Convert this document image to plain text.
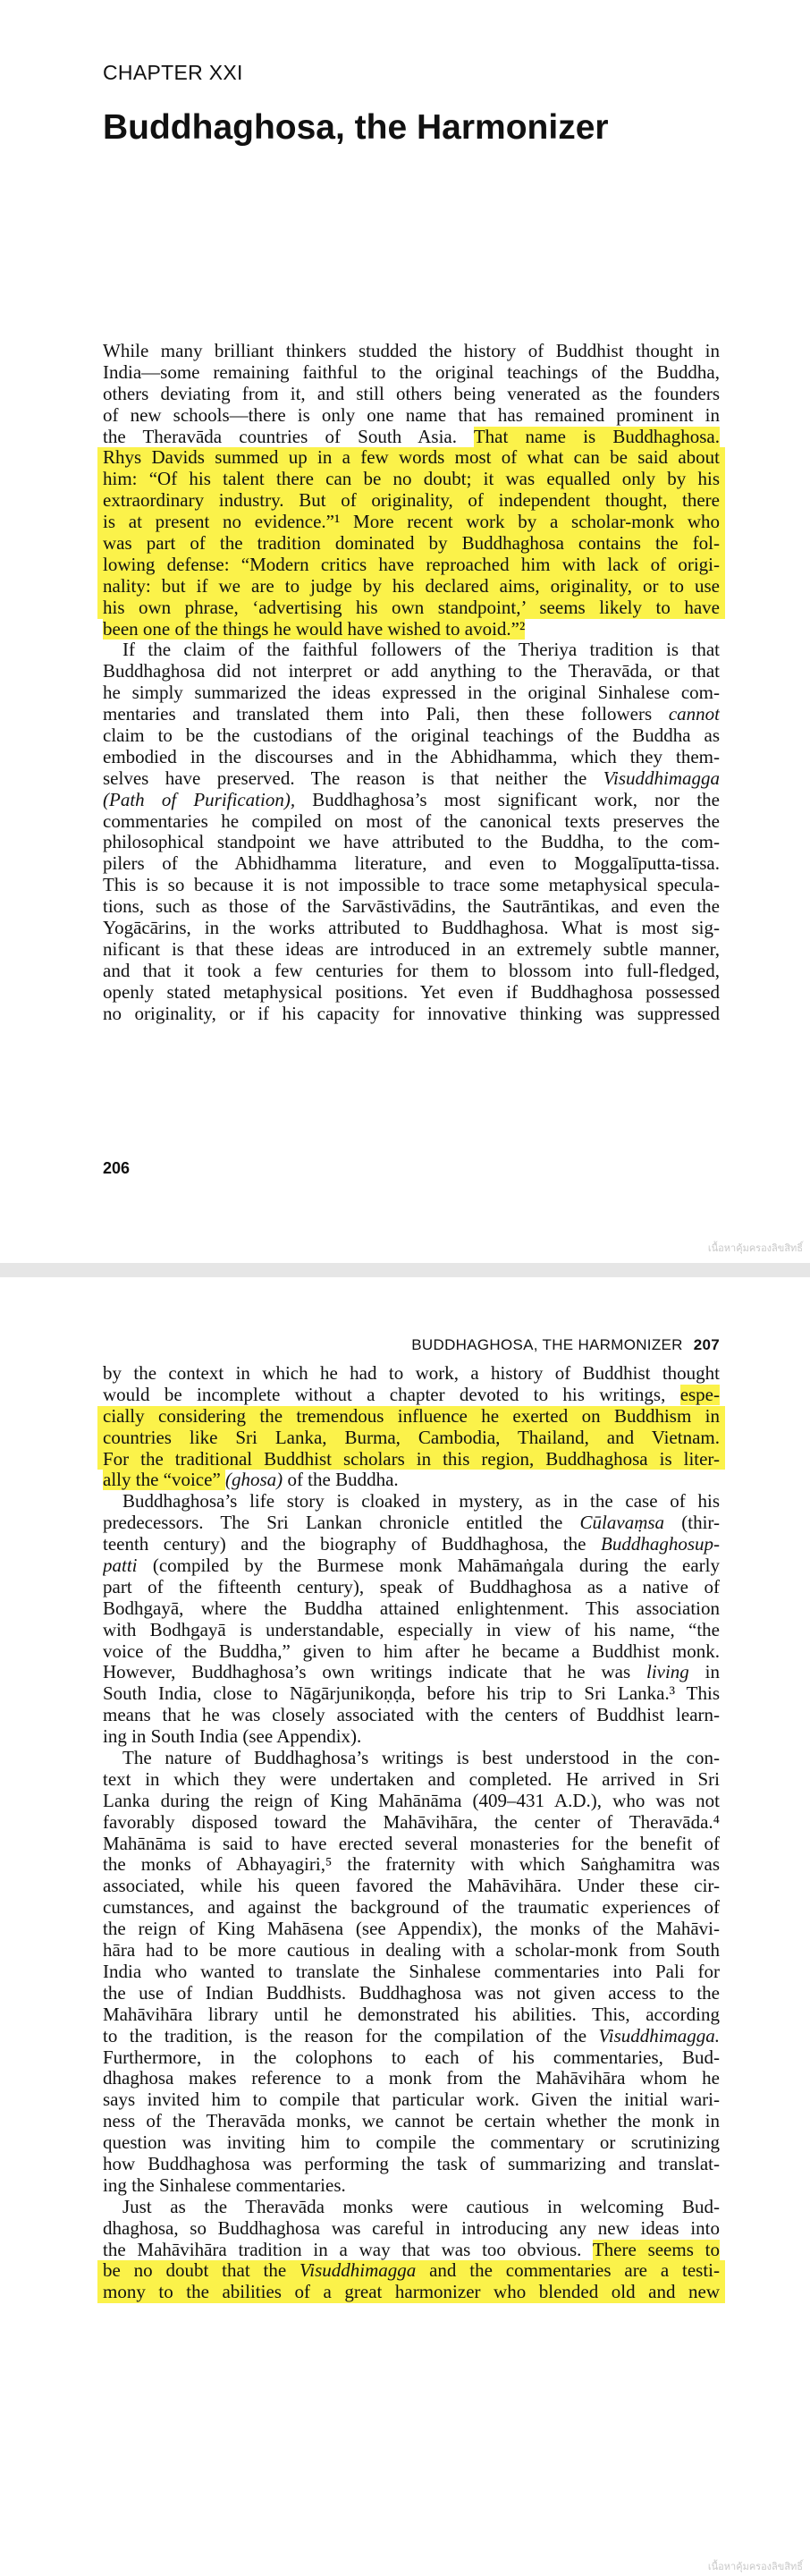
CHAPTER XXI
Buddhaghosa, the Harmonizer
While many brilliant thinkers studded the history of Buddhist thought in
India—some remaining faithful to the original teachings of the Buddha,
others deviating from it, and still others being venerated as the founders
of new schools—there is only one name that has remained prominent in
the Theravāda countries of South Asia. That name is Buddhaghosa.
Rhys Davids summed up in a few words most of what can be said about
him: “Of his talent there can be no doubt; it was equalled only by his
extraordinary industry. But of originality, of independent thought, there
is at present no evidence.”¹ More recent work by a scholar-monk who
was part of the tradition dominated by Buddhaghosa contains the fol-
lowing defense: “Modern critics have reproached him with lack of origi-
nality: but if we are to judge by his declared aims, originality, or to use
his own phrase, ‘advertising his own standpoint,’ seems likely to have
been one of the things he would have wished to avoid.”²
If the claim of the faithful followers of the Theriya tradition is that
Buddhaghosa did not interpret or add anything to the Theravāda, or that
he simply summarized the ideas expressed in the original Sinhalese com-
mentaries and translated them into Pali, then these followers cannot
claim to be the custodians of the original teachings of the Buddha as
embodied in the discourses and in the Abhidhamma, which they them-
selves have preserved. The reason is that neither the Visuddhimagga
(Path of Purification), Buddhaghosa’s most significant work, nor the
commentaries he compiled on most of the canonical texts preserves the
philosophical standpoint we have attributed to the Buddha, to the com-
pilers of the Abhidhamma literature, and even to Moggalīputta-tissa.
This is so because it is not impossible to trace some metaphysical specula-
tions, such as those of the Sarvāstivādins, the Sautrāntikas, and even the
Yogācārins, in the works attributed to Buddhaghosa. What is most sig-
nificant is that these ideas are introduced in an extremely subtle manner,
and that it took a few centuries for them to blossom into full-fledged,
openly stated metaphysical positions. Yet even if Buddhaghosa possessed
no originality, or if his capacity for innovative thinking was suppressed
206
เนื้อหาคุ้มครองลิขสิทธิ์
เนื้อหาคุ้มครองลิขสิทธิ์
BUDDHAGHOSA, THE HARMONIZER 207
by the context in which he had to work, a history of Buddhist thought
would be incomplete without a chapter devoted to his writings, espe-
cially considering the tremendous influence he exerted on Buddhism in
countries like Sri Lanka, Burma, Cambodia, Thailand, and Vietnam.
For the traditional Buddhist scholars in this region, Buddhaghosa is liter-
ally the “voice” (ghosa) of the Buddha.
Buddhaghosa’s life story is cloaked in mystery, as in the case of his
predecessors. The Sri Lankan chronicle entitled the Cūlavaṃsa (thir-
teenth century) and the biography of Buddhaghosa, the Buddhaghosup-
patti (compiled by the Burmese monk Mahāmaṅgala during the early
part of the fifteenth century), speak of Buddhaghosa as a native of
Bodhgayā, where the Buddha attained enlightenment. This association
with Bodhgayā is understandable, especially in view of his name, “the
voice of the Buddha,” given to him after he became a Buddhist monk.
However, Buddhaghosa’s own writings indicate that he was living in
South India, close to Nāgārjunikoṇḍa, before his trip to Sri Lanka.³ This
means that he was closely associated with the centers of Buddhist learn-
ing in South India (see Appendix).
The nature of Buddhaghosa’s writings is best understood in the con-
text in which they were undertaken and completed. He arrived in Sri
Lanka during the reign of King Mahānāma (409–431 A.D.), who was not
favorably disposed toward the Mahāvihāra, the center of Theravāda.⁴
Mahānāma is said to have erected several monasteries for the benefit of
the monks of Abhayagiri,⁵ the fraternity with which Saṅghamitra was
associated, while his queen favored the Mahāvihāra. Under these cir-
cumstances, and against the background of the traumatic experiences of
the reign of King Mahāsena (see Appendix), the monks of the Mahāvi-
hāra had to be more cautious in dealing with a scholar-monk from South
India who wanted to translate the Sinhalese commentaries into Pali for
the use of Indian Buddhists. Buddhaghosa was not given access to the
Mahāvihāra library until he demonstrated his abilities. This, according
to the tradition, is the reason for the compilation of the Visuddhimagga.
Furthermore, in the colophons to each of his commentaries, Bud-
dhaghosa makes reference to a monk from the Mahāvihāra whom he
says invited him to compile that particular work. Given the initial wari-
ness of the Theravāda monks, we cannot be certain whether the monk in
question was inviting him to compile the commentary or scrutinizing
how Buddhaghosa was performing the task of summarizing and translat-
ing the Sinhalese commentaries.
Just as the Theravāda monks were cautious in welcoming Bud-
dhaghosa, so Buddhaghosa was careful in introducing any new ideas into
the Mahāvihāra tradition in a way that was too obvious. There seems to
be no doubt that the Visuddhimagga and the commentaries are a testi-
mony to the abilities of a great harmonizer who blended old and new
